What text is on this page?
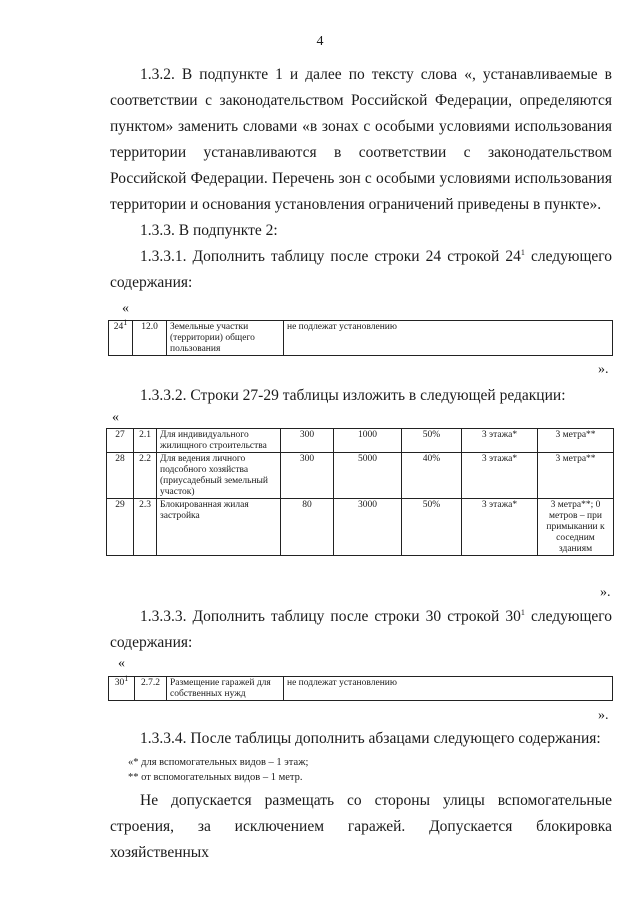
4

1.3.2. В подпункте 1 и далее по тексту слова «, устанавливаемые в соответствии с законодательством Российской Федерации, определяются пунктом» заменить словами «в зонах с особыми условиями использования территории устанавливаются в соответствии с законодательством Российской Федерации. Перечень зон с особыми условиями использования территории и основания установления ограничений приведены в пункте».

1.3.3. В подпункте 2:

1.3.3.1. Дополнить таблицу после строки 24 строкой $24^1$ следующего содержания:

«
$24^1$	12.0	Земельные участки (территории) общего пользования	не подлежат установлению
».

1.3.3.2. Строки 27-29 таблицы изложить в следующей редакции:

«
27	2.1	Для индивидуального жилищного строительства	300	1000	50%	3 этажа*	3 метра**
28	2.2	Для ведения личного подсобного хозяйства (приусадебный земельный участок)	300	5000	40%	3 этажа*	3 метра**
29	2.3	Блокированная жилая застройка	80	3000	50%	3 этажа*	3 метра**; 0 метров – при примыкании к соседним зданиям
».

1.3.3.3. Дополнить таблицу после строки 30 строкой $30^1$ следующего содержания:

«
$30^1$	2.7.2	Размещение гаражей для собственных нужд	не подлежат установлению
».

1.3.3.4. После таблицы дополнить абзацами следующего содержания:

«* для вспомогательных видов – 1 этаж;
** от вспомогательных видов – 1 метр.

Не допускается размещать со стороны улицы вспомогательные строения, за исключением гаражей. Допускается блокировка хозяйственных
